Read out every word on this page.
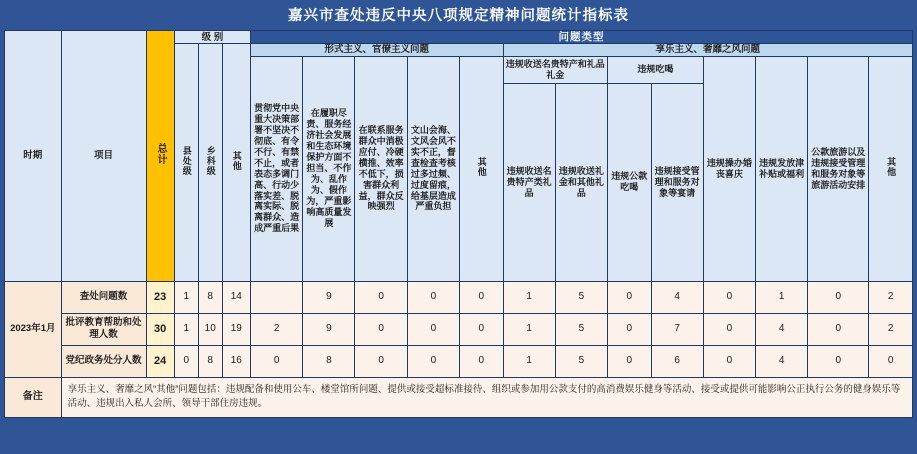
嘉兴市查处违反中央八项规定精神问题统计指标表
时期	项目	总计	级 别			问题类型												
			县处级	乡科级	其他	形式主义、官僚主义问题					享乐主义、奢靡之风问题							
						贯彻党中央重大决策部署不坚决不彻底、有令不行、有禁不止，或者表态多调门高、行动少落实差、脱离实际、脱离群众、造成严重后果	在履职尽责、服务经济社会发展和生态环境保护方面不担当、不作为、乱作为、假作为，严重影响高质量发展	在联系服务群众中消极应付、冷硬横推、效率不低下，损害群众利益，群众反映强烈	文山会海、文风会风不实不正，督查检查考核过多过频、过度留痕，给基层造成严重负担	其他	违规收送名贵特产和礼品礼金		违规吃喝		违规操办婚丧喜庆	违规发放津补贴或福利	公款旅游以及违规接受管理和服务对象等旅游活动安排	其他
											违规收送名贵特产类礼品	违规收送礼金和其他礼品	违规公款吃喝	违规接受管理和服务对象等宴请				

2023年1月	查处问题数	23	1	8	14		9	0	0	0	1	5	0	4	0	1	0	2
	批评教育帮助和处理人数	30	1	10	19	2	9	0	0	0	1	5	0	7	0	4	0	2
	党纪政务处分人数	24	0	8	16	0	8	0	0	0	1	5	0	6	0	4	0	0
备注	享乐主义、奢靡之风“其他”问题包括：违规配备和使用公车、楼堂馆所问题、提供或接受超标准接待、组织或参加用公款支付的高消费娱乐健身等活动、接受或提供可能影响公正执行公务的健身娱乐等活动、违规出入私人会所、领导干部住房违规。																	
